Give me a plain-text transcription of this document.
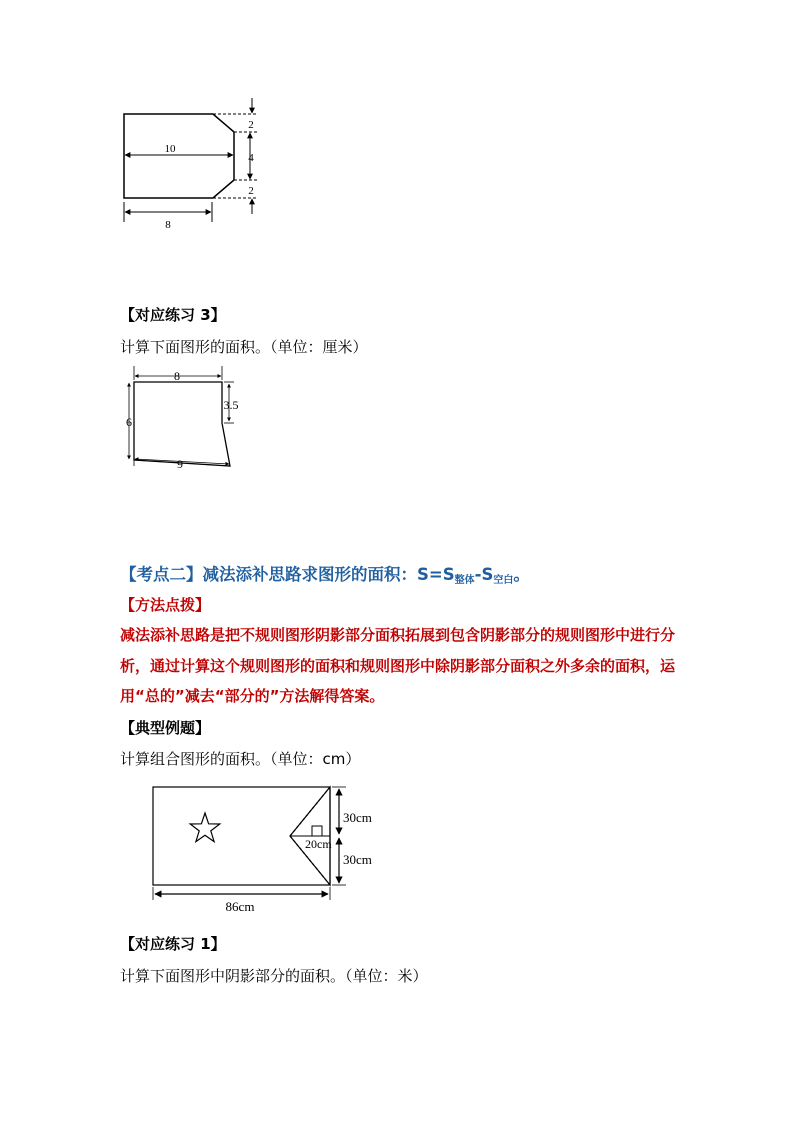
10
8
2
4
2
【对应练习 3】
计算下面图形的面积。（单位：厘米）
8
3.5
6
9
【考点二】减法添补思路求图形的面积：$S=S_{整体}-S_{空白}$。
【方法点拨】
减法添补思路是把不规则图形阴影部分面积拓展到包含阴影部分的规则图形中进行分析，通过计算这个规则图形的面积和规则图形中除阴影部分面积之外多余的面积，运用“总的”减去“部分的”方法解得答案。
【典型例题】
计算组合图形的面积。（单位：cm）
30cm
30cm
20cm
86cm
【对应练习 1】
计算下面图形中阴影部分的面积。（单位：米）
